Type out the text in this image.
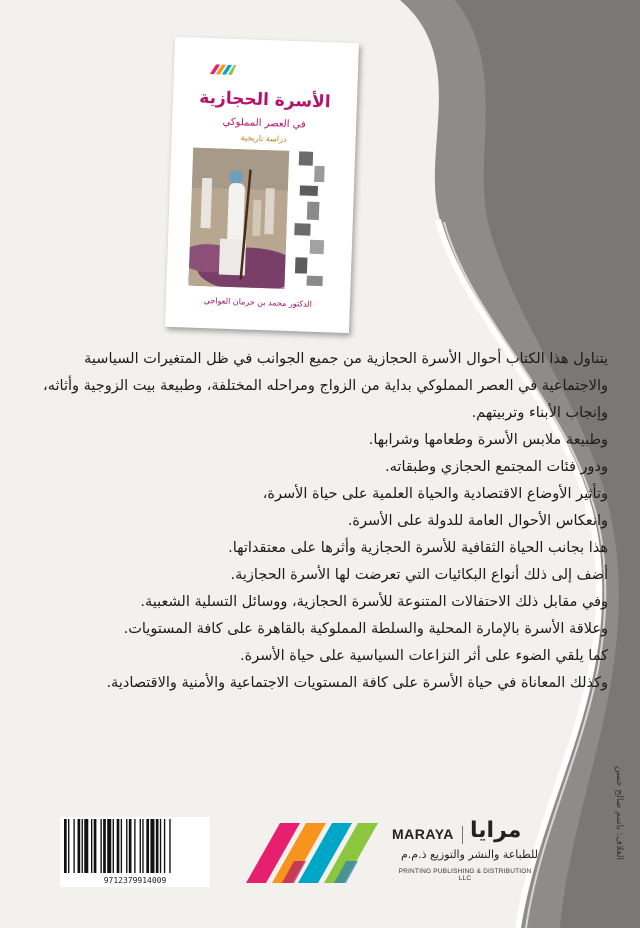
الأسرة الحجازية
في العصر المملوكي
دراسة تاريخية
الدكتور محمد بن جرمان العواجي

يتناول هذا الكتاب أحوال الأسرة الحجازية من جميع الجوانب في ظل المتغيرات السياسية والاجتماعية في العصر المملوكي بداية من الزواج ومراحله المختلفة، وطبيعة بيت الزوجية وأثاثه، وإنجاب الأبناء وتربيتهم.

وطبيعة ملابس الأسرة وطعامها وشرابها.

ودور فئات المجتمع الحجازي وطبقاته.

وتأثير الأوضاع الاقتصادية والحياة العلمية على حياة الأسرة،

وانعكاس الأحوال العامة للدولة على الأسرة.

هذا بجانب الحياة الثقافية للأسرة الحجازية وأثرها على معتقداتها.

أضف إلى ذلك أنواع البكائيات التي تعرضت لها الأسرة الحجازية.

وفي مقابل ذلك الاحتفالات المتنوعة للأسرة الحجازية، ووسائل التسلية الشعبية.

وعلاقة الأسرة بالإمارة المحلية والسلطة المملوكية بالقاهرة على كافة المستويات.

كما يلقي الضوء على أثر النزاعات السياسية على حياة الأسرة.

وكذلك المعاناة في حياة الأسرة على كافة المستويات الاجتماعية والأمنية والاقتصادية.

9712379914009
MARAYA مرايا
للطباعة والنشر والتوزيع ذ.م.م
PRINTING PUBLISHING & DISTRIBUTION LLC
الغلاف: باسم صالح حسن
